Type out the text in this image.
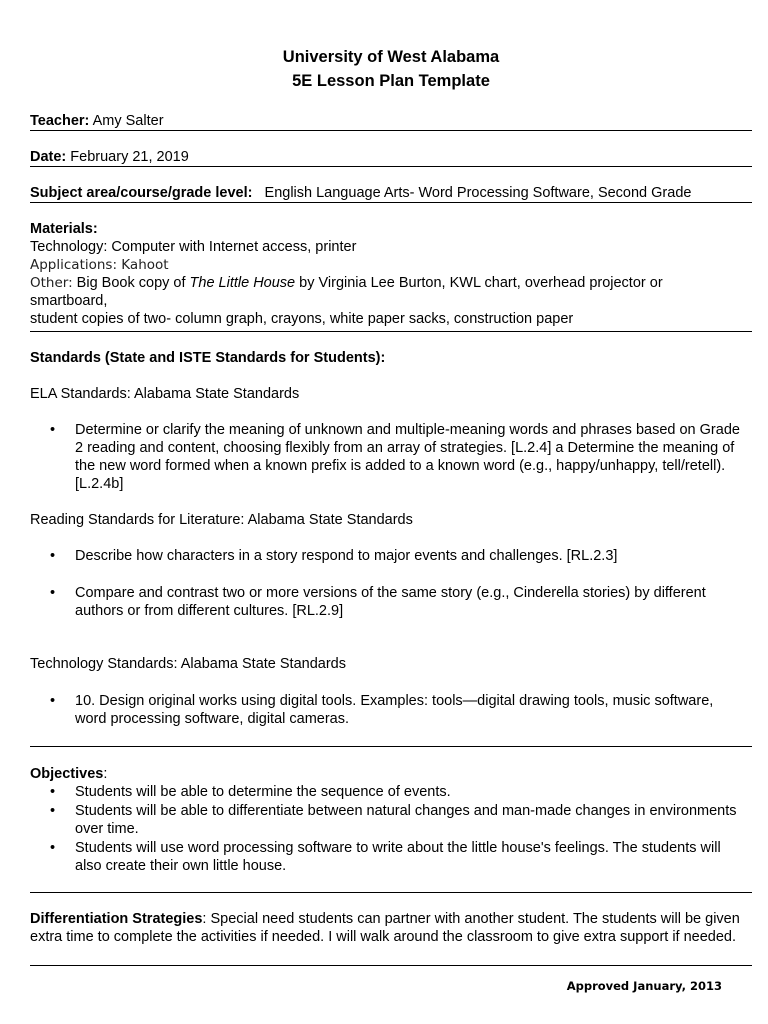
University of West Alabama
5E Lesson Plan Template
Teacher: Amy Salter
Date: February 21, 2019
Subject area/course/grade level: English Language Arts- Word Processing Software, Second Grade
Materials:
Technology: Computer with Internet access, printer
Applications: Kahoot
Other: Big Book copy of The Little House by Virginia Lee Burton, KWL chart, overhead projector or
smartboard,
student copies of two- column graph, crayons, white paper sacks, construction paper
Standards (State and ISTE Standards for Students):
ELA Standards: Alabama State Standards
• Determine or clarify the meaning of unknown and multiple-meaning words and phrases based on Grade 2 reading and content, choosing flexibly from an array of strategies. [L.2.4] a Determine the meaning of the new word formed when a known prefix is added to a known word (e.g., happy/unhappy, tell/retell). [L.2.4b]
Reading Standards for Literature: Alabama State Standards
• Describe how characters in a story respond to major events and challenges. [RL.2.3]
• Compare and contrast two or more versions of the same story (e.g., Cinderella stories) by different authors or from different cultures. [RL.2.9]
Technology Standards: Alabama State Standards
• 10. Design original works using digital tools. Examples: tools—digital drawing tools, music software, word processing software, digital cameras.
Objectives:
• Students will be able to determine the sequence of events.
• Students will be able to differentiate between natural changes and man-made changes in environments over time.
• Students will use word processing software to write about the little house's feelings. The students will also create their own little house.
Differentiation Strategies: Special need students can partner with another student. The students will be given extra time to complete the activities if needed. I will walk around the classroom to give extra support if needed.
Approved January, 2013
